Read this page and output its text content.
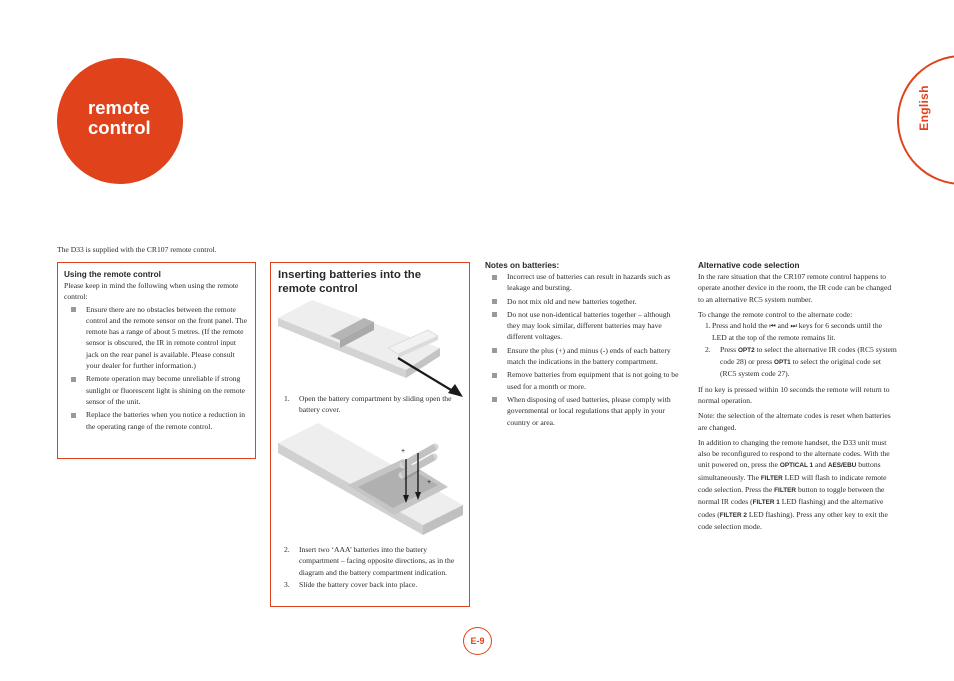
remote
control	English
The D33 is supplied with the CR107 remote control.
Using the remote control
Please keep in mind the following when using the remote control:
Ensure there are no obstacles between the remote control and the remote sensor on the front panel. The remote has a range of about 5 metres. (If the remote sensor is obscured, the IR in remote control input jack on the rear panel is available. Please consult your dealer for further information.)
Remote operation may become unreliable if strong sunlight or fluorescent light is shining on the remote sensor of the unit.
Replace the batteries when you notice a reduction in the operating range of the remote control.
Inserting batteries into the remote control
1. Open the battery compartment by sliding open the battery cover.
+
+
2. Insert two ‘AAA’ batteries into the battery compartment – facing opposite directions, as in the diagram and the battery compartment indication.
3. Slide the battery cover back into place.
Notes on batteries:
Incorrect use of batteries can result in hazards such as leakage and bursting.
Do not mix old and new batteries together.
Do not use non-identical batteries together – although they may look similar, different batteries may have different voltages.
Ensure the plus (+) and minus (-) ends of each battery match the indications in the battery compartment.
Remove batteries from equipment that is not going to be used for a month or more.
When disposing of used batteries, please comply with governmental or local regulations that apply in your country or area.
Alternative code selection
In the rare situation that the CR107 remote control happens to operate another device in the room, the IR code can be changed to an alternative RC5 system number.
To change the remote control to the alternate code:
1. Press and hold the ⏮ and ⏭ keys for 6 seconds until the LED at the top of the remote remains lit.
2. Press OPT2 to select the alternative IR codes (RC5 system code 28) or press OPT1 to select the original code set (RC5 system code 27).
If no key is pressed within 10 seconds the remote will return to normal operation.
Note: the selection of the alternate codes is reset when batteries are changed.
In addition to changing the remote handset, the D33 unit must also be reconfigured to respond to the alternate codes. With the unit powered on, press the OPTICAL 1 and AES/EBU buttons simultaneously. The FILTER LED will flash to indicate remote code selection. Press the FILTER button to toggle between the normal IR codes (FILTER 1 LED flashing) and the alternative codes (FILTER 2 LED flashing). Press any other key to exit the code selection mode.
E-9
